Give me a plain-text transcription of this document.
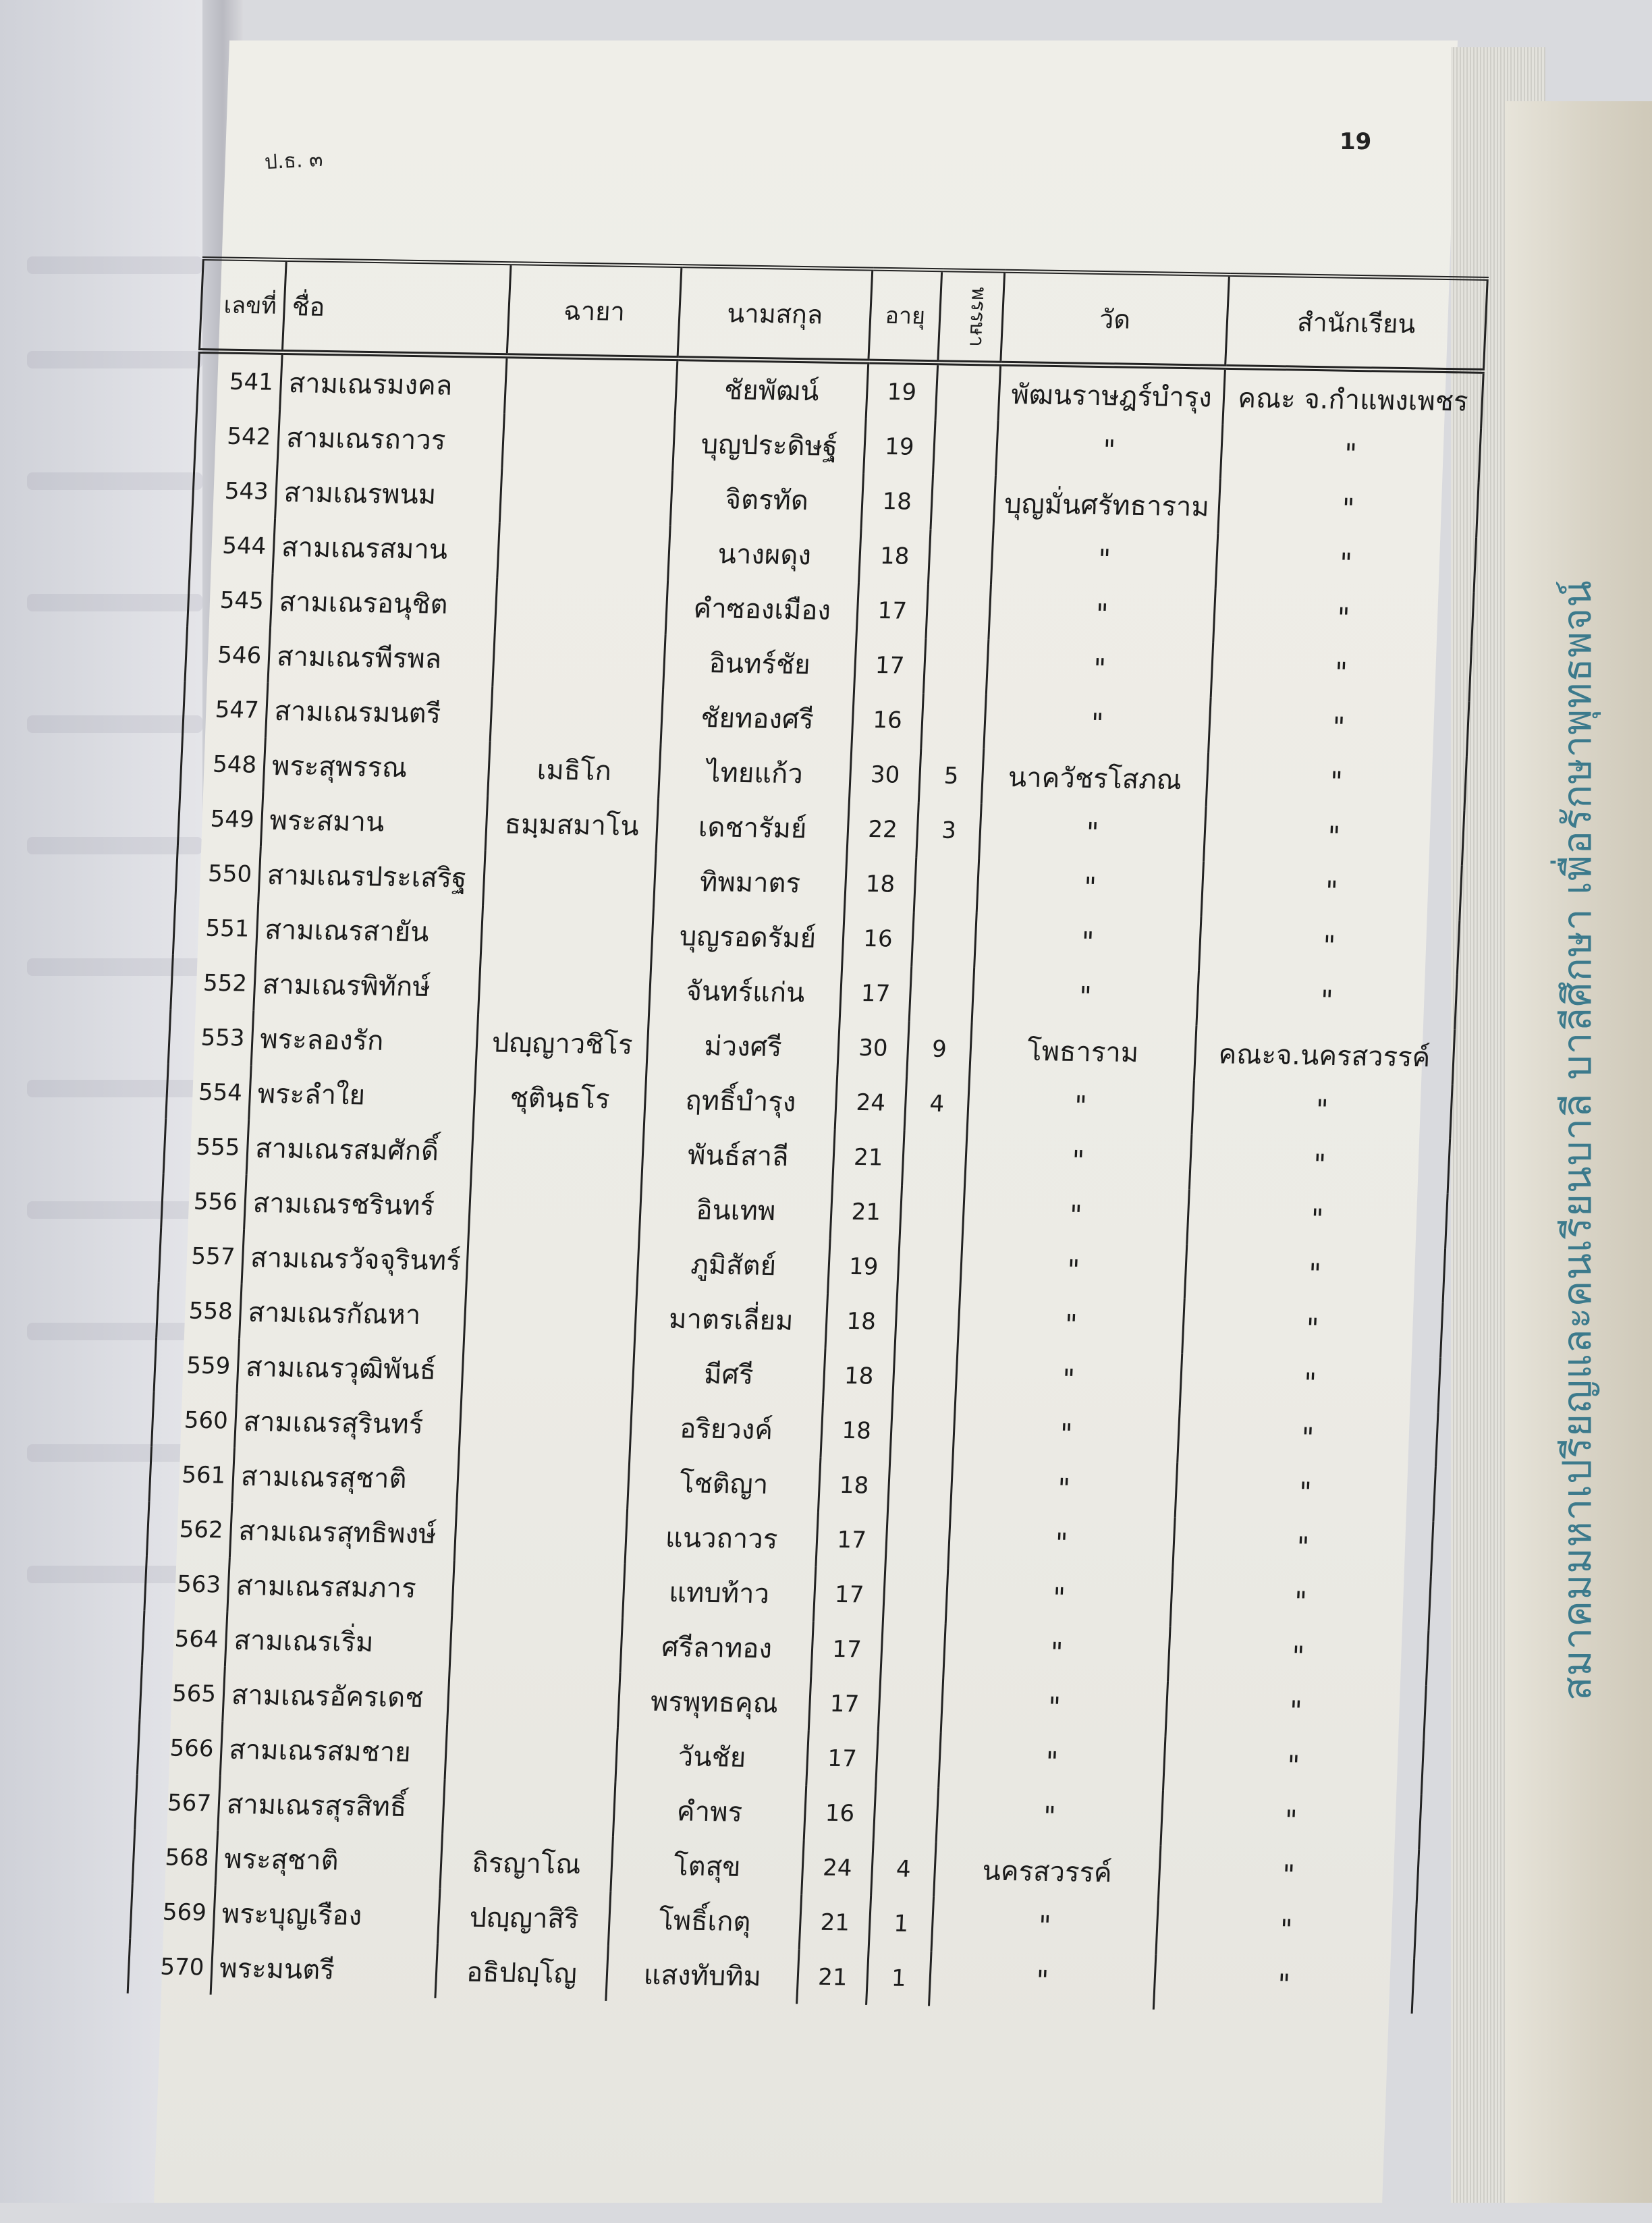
ป.ธ. ๓
19
เลขที่	ชื่อ	ฉายา	นามสกุล	อายุ	พรรษา	วัด	สำนักเรียน
541	สามเณรมงคล		ชัยพัฒน์	19		พัฒนราษฎร์บำรุง	คณะ จ.กำแพงเพชร
542	สามเณรถาวร		บุญประดิษฐ์	19		"	"
543	สามเณรพนม		จิตรทัด	18		บุญมั่นศรัทธาราม	"
544	สามเณรสมาน		นางผดุง	18		"	"
545	สามเณรอนุชิต		คำซองเมือง	17		"	"
546	สามเณรพีรพล		อินทร์ชัย	17		"	"
547	สามเณรมนตรี		ชัยทองศรี	16		"	"
548	พระสุพรรณ	เมธิโก	ไทยแก้ว	30	5	นาควัชรโสภณ	"
549	พระสมาน	ธมฺมสมาโน	เดชารัมย์	22	3	"	"
550	สามเณรประเสริฐ		ทิพมาตร	18		"	"
551	สามเณรสายัน		บุญรอดรัมย์	16		"	"
552	สามเณรพิทักษ์		จันทร์แก่น	17		"	"
553	พระลองรัก	ปญฺญาวชิโร	ม่วงศรี	30	9	โพธาราม	คณะจ.นครสวรรค์
554	พระลำใย	ชุตินฺธโร	ฤทธิ์บำรุง	24	4	"	"
555	สามเณรสมศักดิ์		พันธ์สาลี	21		"	"
556	สามเณรชรินทร์		อินเทพ	21		"	"
557	สามเณรวัจจุรินทร์		ภูมิสัตย์	19		"	"
558	สามเณรกัณหา		มาตรเลี่ยม	18		"	"
559	สามเณรวุฒิพันธ์		มีศรี	18		"	"
560	สามเณรสุรินทร์		อริยวงค์	18		"	"
561	สามเณรสุชาติ		โชติญา	18		"	"
562	สามเณรสุทธิพงษ์		แนวถาวร	17		"	"
563	สามเณรสมภาร		แทบท้าว	17		"	"
564	สามเณรเริ่ม		ศรีลาทอง	17		"	"
565	สามเณรอัครเดช		พรพุทธคุณ	17		"	"
566	สามเณรสมชาย		วันชัย	17		"	"
567	สามเณรสุรสิทธิ์		คำพร	16		"	"
568	พระสุชาติ	ถิรญาโณ	โตสุข	24	4	นครสวรรค์	"
569	พระบุญเรือง	ปญฺญาสิริ	โพธิ์เกตุ	21	1	"	"
570	พระมนตรี	อธิปญฺโญ	แสงทับทิม	21	1	"	"
สมาคมมหาเปรียญและคนเรียนบาลี บาลีศึกษา เพื่อรักษาพุทธพจน์
